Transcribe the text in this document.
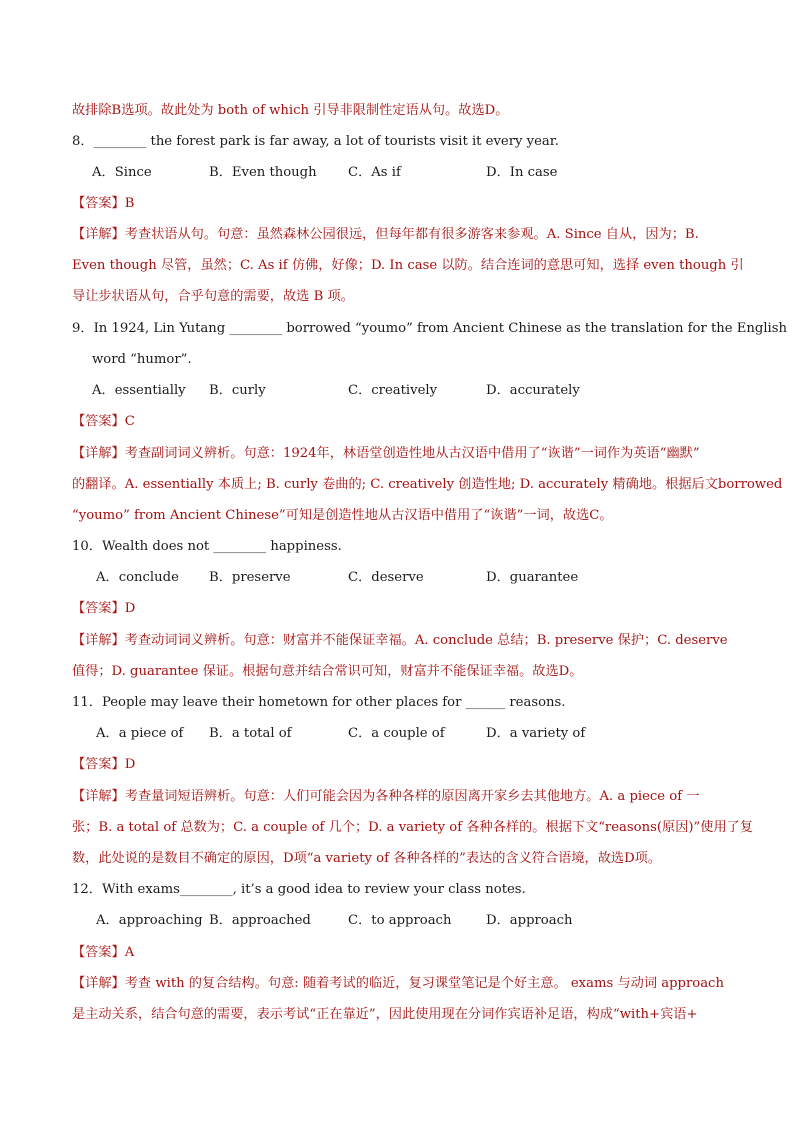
故排除B选项。故此处为 both of which 引导非限制性定语从句。故选D。
8．________ the forest park is far away, a lot of tourists visit it every year.
A．Since	B．Even though C．As if	D．In case
【答案】B
【详解】考查状语从句。句意：虽然森林公园很远，但每年都有很多游客来参观。A. Since 自从，因为；B.
Even though 尽管，虽然；C. As if 仿佛，好像；D. In case 以防。结合连词的意思可知，选择 even though 引
导让步状语从句，合乎句意的需要，故选 B 项。
9．In 1924, Lin Yutang ________ borrowed “youmo” from Ancient Chinese as the translation for the English
word “humor”.
A．essentially B．curly	C．creatively	D．accurately
【答案】C
【详解】考查副词词义辨析。句意：1924年，林语堂创造性地从古汉语中借用了“诙谐”一词作为英语“幽默”
的翻译。A. essentially 本质上; B. curly 卷曲的; C. creatively 创造性地; D. accurately 精确地。根据后文borrowed
“youmo” from Ancient Chinese”可知是创造性地从古汉语中借用了“诙谐”一词，故选C。
10．Wealth does not ________ happiness.
A．conclude B．preserve	C．deserve	D．guarantee
【答案】D
【详解】考查动词词义辨析。句意：财富并不能保证幸福。A. conclude 总结；B. preserve 保护；C. deserve
值得；D. guarantee 保证。根据句意并结合常识可知，财富并不能保证幸福。故选D。
11．People may leave their hometown for other places for ______ reasons.
A．a piece of B．a total of	C．a couple of	D．a variety of
【答案】D
【详解】考查量词短语辨析。句意：人们可能会因为各种各样的原因离开家乡去其他地方。A. a piece of 一
张；B. a total of 总数为；C. a couple of 几个；D. a variety of 各种各样的。根据下文“reasons(原因)”使用了复
数，此处说的是数目不确定的原因，D项“a variety of 各种各样的”表达的含义符合语境，故选D项。
12．With exams________, it’s a good idea to review your class notes.
A．approaching B．approached	C．to approach	D．approach
【答案】A
【详解】考查 with 的复合结构。句意: 随着考试的临近，复习课堂笔记是个好主意。 exams 与动词 approach
是主动关系，结合句意的需要，表示考试“正在靠近”，因此使用现在分词作宾语补足语，构成“with+宾语+
